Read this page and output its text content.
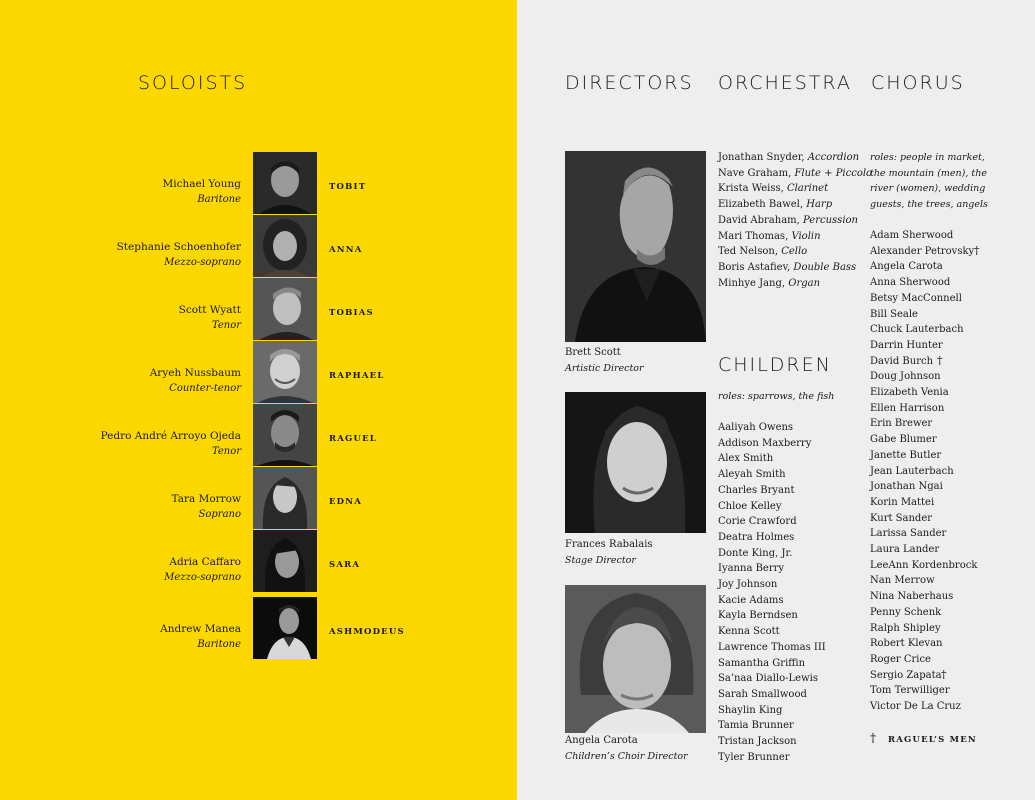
SOLOISTS	DIRECTORS ORCHESTRA CHORUS
CHILDREN
Michael Young
Baritone
TOBIT
Stephanie Schoenhofer
Mezzo-soprano
ANNA
Scott Wyatt
Tenor
TOBIAS
Aryeh Nussbaum
Counter-tenor
RAPHAEL
Pedro André Arroyo Ojeda
Tenor
RAGUEL
Tara Morrow
Soprano
EDNA
Adria Caffaro
Mezzo-soprano
SARA
Andrew Manea
Baritone
ASHMODEUS
Brett Scott
Artistic Director
Frances Rabalais
Stage Director
Angela Carota
Children’s Choir Director
Jonathan Snyder, Accordion
Nave Graham, Flute + Piccolo
Krista Weiss, Clarinet
Elizabeth Bawel, Harp
David Abraham, Percussion
Mari Thomas, Violin
Ted Nelson, Cello
Boris Astafiev, Double Bass
Minhye Jang, Organ
roles: sparrows, the fish
Aaliyah Owens
Addison Maxberry
Alex Smith
Aleyah Smith
Charles Bryant
Chloe Kelley
Corie Crawford
Deatra Holmes
Donte King, Jr.
Iyanna Berry
Joy Johnson
Kacie Adams
Kayla Berndsen
Kenna Scott
Lawrence Thomas III
Samantha Griffin
Sa’naa Diallo-Lewis
Sarah Smallwood
Shaylin King
Tamia Brunner
Tristan Jackson
Tyler Brunner
roles: people in market, the mountain (men), the river (women), wedding guests, the trees, angels
Adam Sherwood
Alexander Petrovsky
Angela Carota
Anna Sherwood
Betsy MacConnell
Bill Seale
Chuck Lauterbach
Darrin Hunter
David Burch
Doug Johnson
Elizabeth Venia
Ellen Harrison
Erin Brewer
Gabe Blumer
Janette Butler
Jean Lauterbach
Jonathan Ngai
Korin Mattei
Kurt Sander
Larissa Sander
Laura Lander
LeeAnn Kordenbrock
Nan Merrow
Nina Naberhaus
Penny Schenk
Ralph Shipley
Robert Klevan
Roger Crice
Sergio Zapata
Tom Terwilliger
Victor De La Cruz
†
†
†
† RAGUEL’S MEN
